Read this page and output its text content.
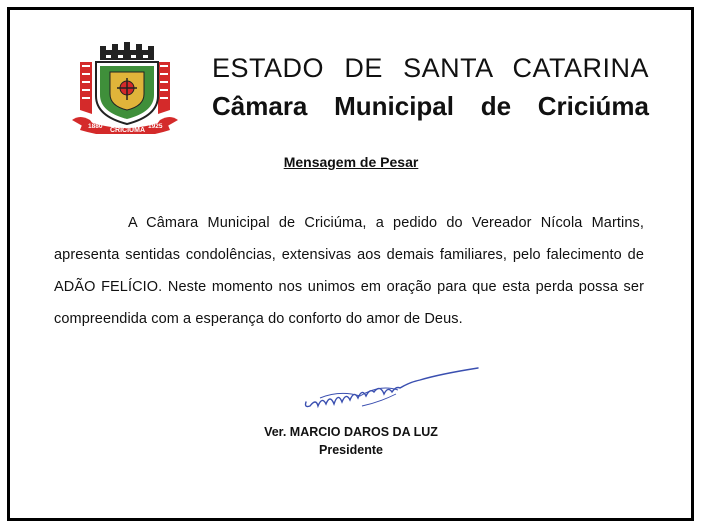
1880
CRICIÚMA
1925
ESTADO DE SANTA CATARINA
Câmara Municipal de Criciúma
Mensagem de Pesar

A Câmara Municipal de Criciúma, a pedido do Vereador Nícola Martins, apresenta sentidas condolências, extensivas aos demais familiares, pelo falecimento de ADÃO FELÍCIO. Neste momento nos unimos em oração para que esta perda possa ser compreendida com a esperança do conforto do amor de Deus.

Ver. MARCIO DAROS DA LUZ
Presidente
